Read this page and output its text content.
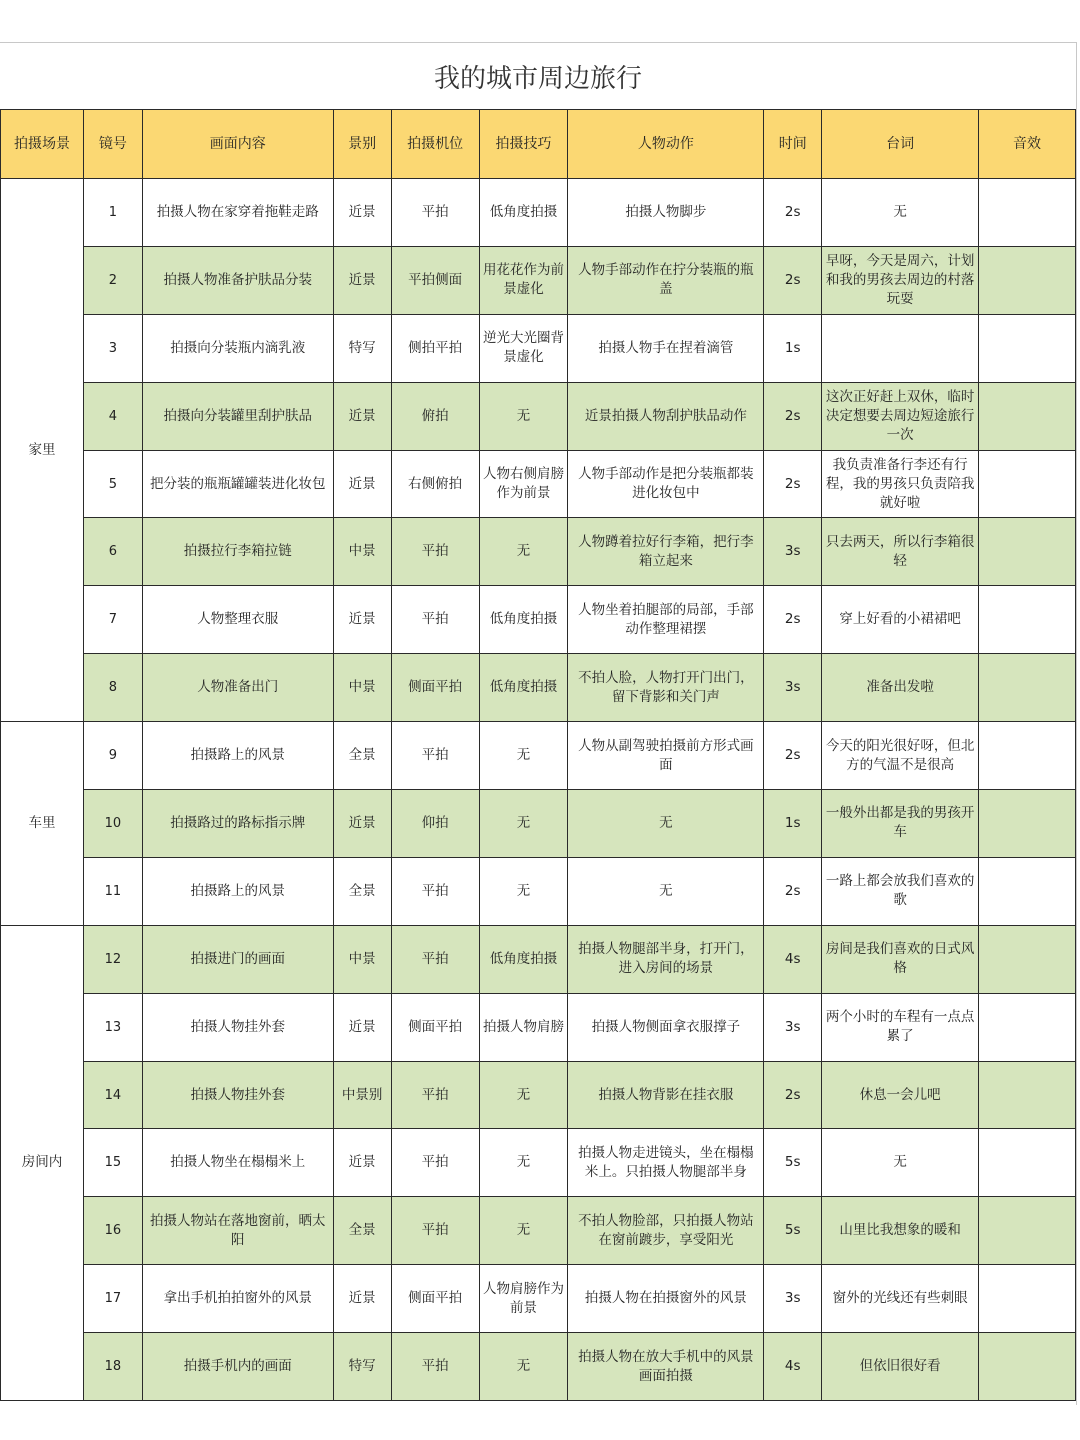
我的城市周边旅行
拍摄场景	镜号	画面内容	景别	拍摄机位	拍摄技巧	人物动作	时间	台词	音效
家里	1	拍摄人物在家穿着拖鞋走路	近景	平拍	低角度拍摄	拍摄人物脚步	2s	无	
	2	拍摄人物准备护肤品分装	近景	平拍侧面	用花花作为前景虚化	人物手部动作在拧分装瓶的瓶盖	2s	早呀，今天是周六，计划和我的男孩去周边的村落玩耍	
	3	拍摄向分装瓶内滴乳液	特写	侧拍平拍	逆光大光圈背景虚化	拍摄人物手在捏着滴管	1s		
	4	拍摄向分装罐里刮护肤品	近景	俯拍	无	近景拍摄人物刮护肤品动作	2s	这次正好赶上双休，临时决定想要去周边短途旅行一次	
	5	把分装的瓶瓶罐罐装进化妆包	近景	右侧俯拍	人物右侧肩膀作为前景	人物手部动作是把分装瓶都装进化妆包中	2s	我负责准备行李还有行程，我的男孩只负责陪我就好啦	
	6	拍摄拉行李箱拉链	中景	平拍	无	人物蹲着拉好行李箱，把行李箱立起来	3s	只去两天，所以行李箱很轻	
	7	人物整理衣服	近景	平拍	低角度拍摄	人物坐着拍腿部的局部，手部动作整理裙摆	2s	穿上好看的小裙裙吧	
	8	人物准备出门	中景	侧面平拍	低角度拍摄	不拍人脸，人物打开门出门，留下背影和关门声	3s	准备出发啦	
车里	9	拍摄路上的风景	全景	平拍	无	人物从副驾驶拍摄前方形式画面	2s	今天的阳光很好呀，但北方的气温不是很高	
	10	拍摄路过的路标指示牌	近景	仰拍	无	无	1s	一般外出都是我的男孩开车	
	11	拍摄路上的风景	全景	平拍	无	无	2s	一路上都会放我们喜欢的歌	
房间内	12	拍摄进门的画面	中景	平拍	低角度拍摄	拍摄人物腿部半身，打开门，进入房间的场景	4s	房间是我们喜欢的日式风格	
	13	拍摄人物挂外套	近景	侧面平拍	拍摄人物肩膀	拍摄人物侧面拿衣服撑子	3s	两个小时的车程有一点点累了	
	14	拍摄人物挂外套	中景别	平拍	无	拍摄人物背影在挂衣服	2s	休息一会儿吧	
	15	拍摄人物坐在榻榻米上	近景	平拍	无	拍摄人物走进镜头，坐在榻榻米上。只拍摄人物腿部半身	5s	无	
	16	拍摄人物站在落地窗前，晒太阳	全景	平拍	无	不拍人物脸部，只拍摄人物站在窗前踱步，享受阳光	5s	山里比我想象的暖和	
	17	拿出手机拍拍窗外的风景	近景	侧面平拍	人物肩膀作为前景	拍摄人物在拍摄窗外的风景	3s	窗外的光线还有些刺眼	
	18	拍摄手机内的画面	特写	平拍	无	拍摄人物在放大手机中的风景画面拍摄	4s	但依旧很好看	
